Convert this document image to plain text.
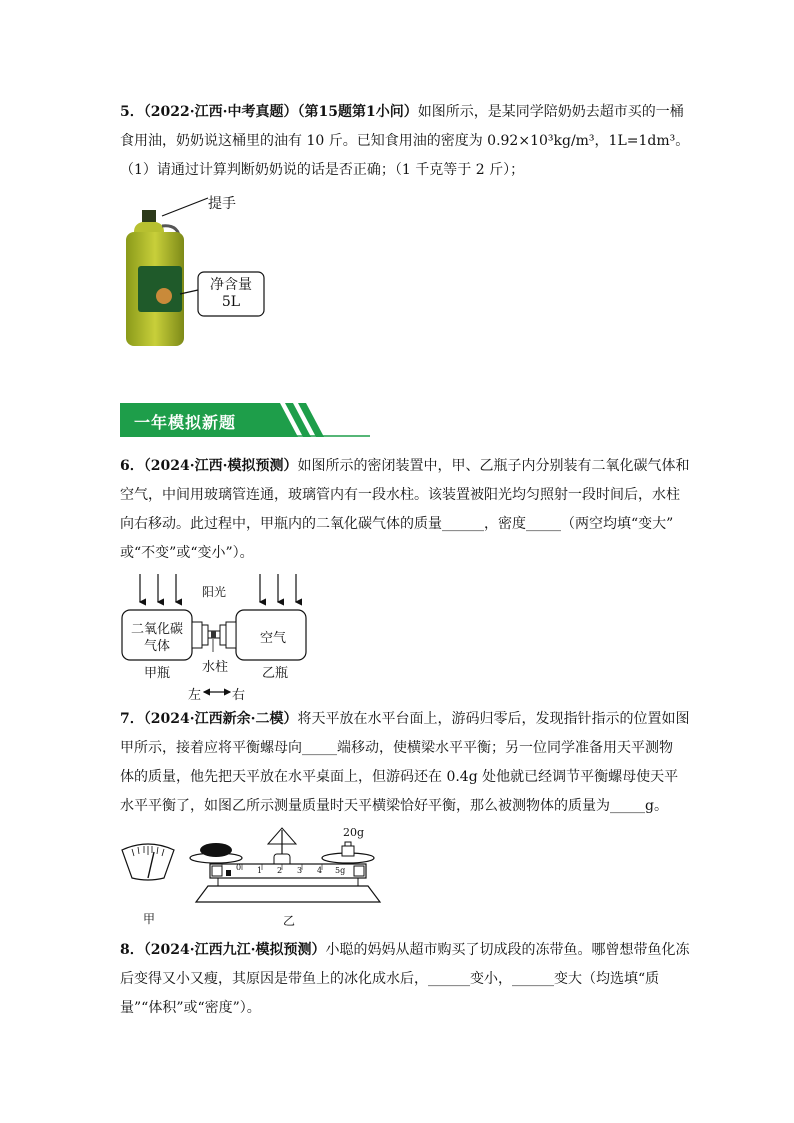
5．（2022·江西·中考真题）（第15题第1小问）如图所示，是某同学陪奶奶去超市买的一桶
食用油，奶奶说这桶里的油有 10 斤。已知食用油的密度为 0.92×10³kg/m³，1L=1dm³。
（1）请通过计算判断奶奶说的话是否正确；（1 千克等于 2 斤）；
提手
净含量
5L
一年模拟新题
6．（2024·江西·模拟预测）如图所示的密闭装置中，甲、乙瓶子内分别装有二氧化碳气体和
空气，中间用玻璃管连通，玻璃管内有一段水柱。该装置被阳光均匀照射一段时间后，水柱
向右移动。此过程中，甲瓶内的二氧化碳气体的质量______，密度_____（两空均填“变大”
或“不变”或“变小”）。
阳光
二氧化碳
气体
空气
甲瓶 水柱	乙瓶
左 右
7．（2024·江西新余·二模）将天平放在水平台面上，游码归零后，发现指针指示的位置如图
甲所示，接着应将平衡螺母向_____端移动，使横梁水平平衡；另一位同学准备用天平测物
体的质量，他先把天平放在水平桌面上，但游码还在 0.4g 处他就已经调节平衡螺母使天平
水平平衡了，如图乙所示测量质量时天平横梁恰好平衡，那么被测物体的质量为_____g。
20g
0 1 2 3 4 5g
甲	乙
8．（2024·江西九江·模拟预测）小聪的妈妈从超市购买了切成段的冻带鱼。哪曾想带鱼化冻
后变得又小又瘦，其原因是带鱼上的冰化成水后，______变小，______变大（均选填“质
量”“体积”或“密度”）。
